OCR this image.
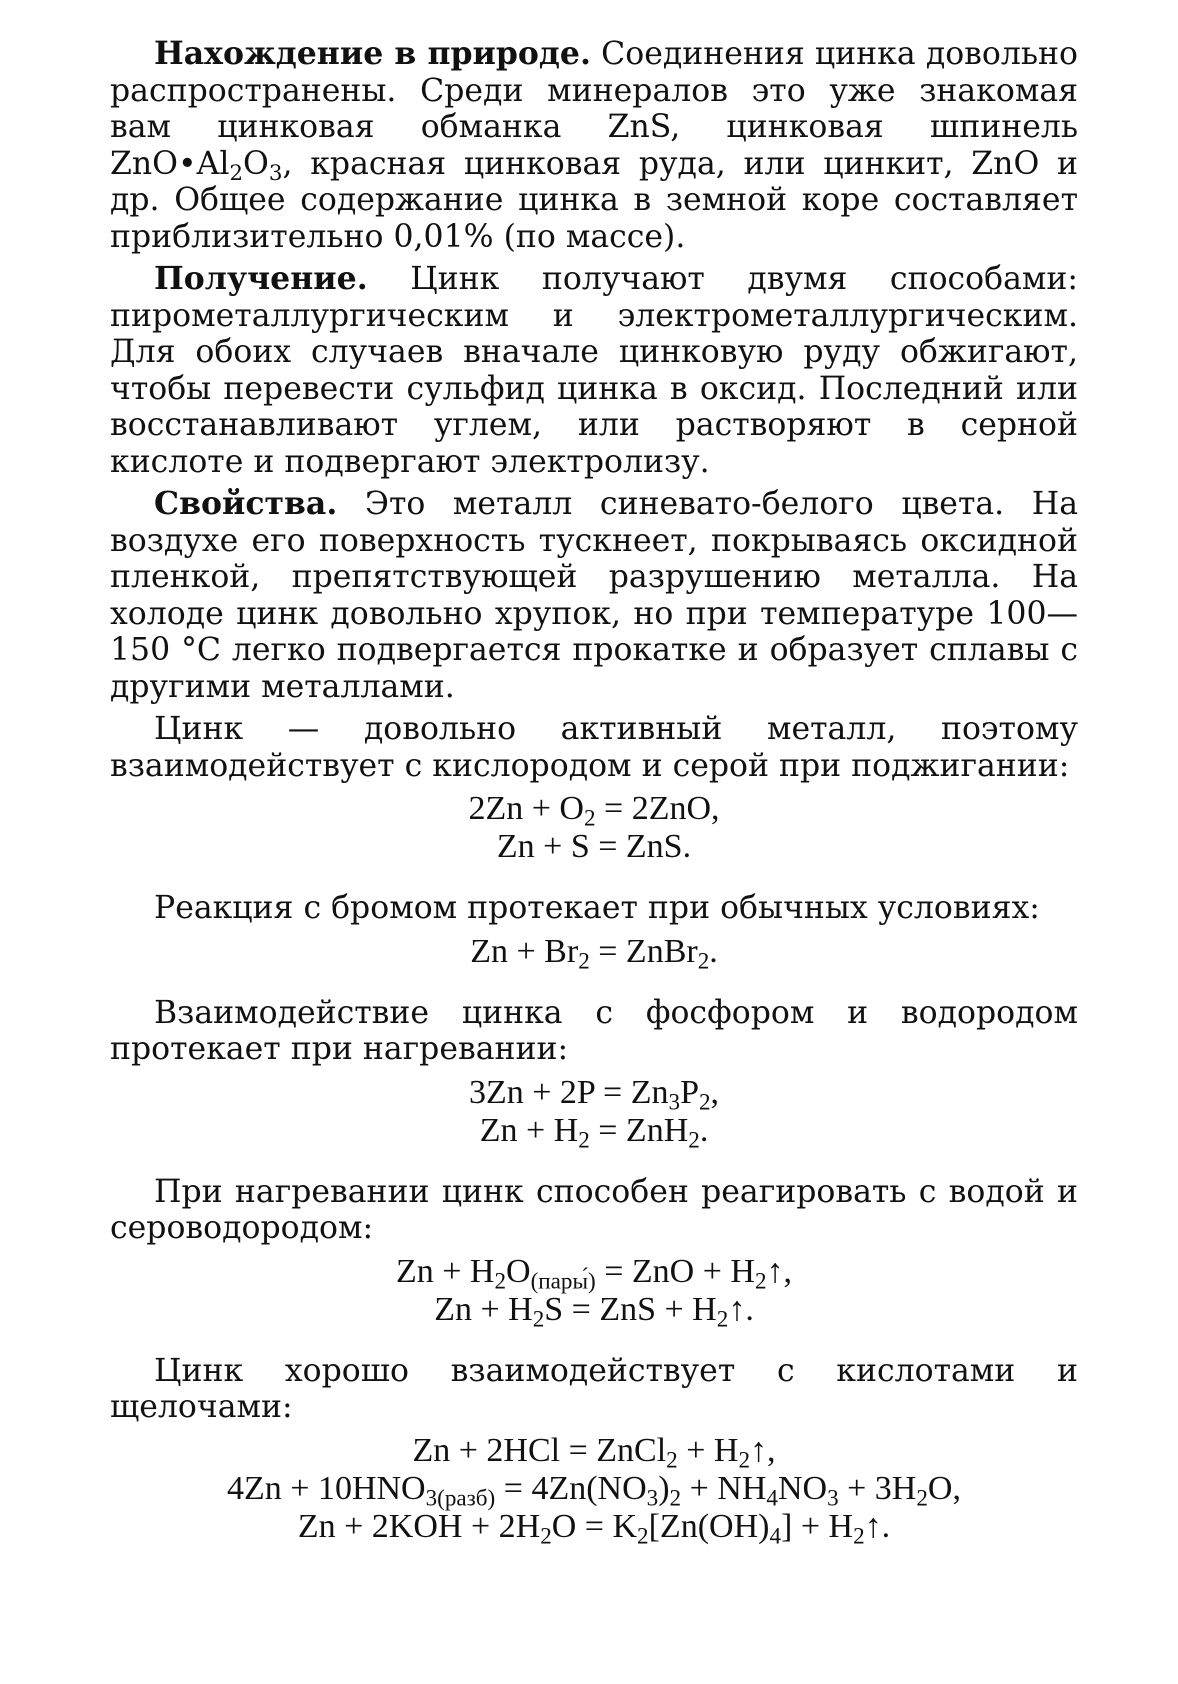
Нахождение в природе. Соединения цинка довольно распространены. Среди минералов это уже знакомая вам цинковая обманка ZnS, цинковая шпинель $ZnO•Al_2O_3$, красная цинковая руда, или цинкит, ZnO и др. Общее содержание цинка в земной коре составляет приблизительно 0,01% (по массе).

Получение. Цинк получают двумя способами: пирометаллургическим и электрометаллургическим. Для обоих случаев вначале цинковую руду обжигают, чтобы перевести сульфид цинка в оксид. Последний или восстанавливают углем, или растворяют в серной кислоте и подвергают электролизу.

Свойства. Это металл синевато-белого цвета. На воздухе его поверхность тускнеет, покрываясь оксидной пленкой, препятствующей разрушению металла. На холоде цинк довольно хрупок, но при температуре 100—150 °С легко подвергается прокатке и образует сплавы с другими металлами.

Цинк — довольно активный металл, поэтому взаимодействует с кислородом и серой при поджигании:

$2Zn + O_2 = 2ZnO$,
Zn + S = ZnS.

Реакция с бромом протекает при обычных условиях:

$Zn + Br_2$ = ZnBr$_2$.

Взаимодействие цинка с фосфором и водородом протекает при нагревании:

$3Zn + 2P = Zn_3P_2$,
$Zn + H_2 = ZnH_2$.

При нагревании цинк способен реагировать с водой и сероводородом:

$Zn + H_2O_{(пары́)}$ = ZnO + $H_2↑$,
$Zn + H_2S$ = ZnS + $H_2↑$.

Цинк хорошо взаимодействует с кислотами и щелочами:

Zn + 2HCl = ZnCl$_2$ + $H_2↑$,
$4Zn + 10HNO_{3(разб)} = 4Zn(NO_3)_2 + NH_4NO_3 + 3H_2O$,
$Zn + 2KOH + 2H_2O = K_2[Zn(OH)_4]$ + $H_2↑$.
